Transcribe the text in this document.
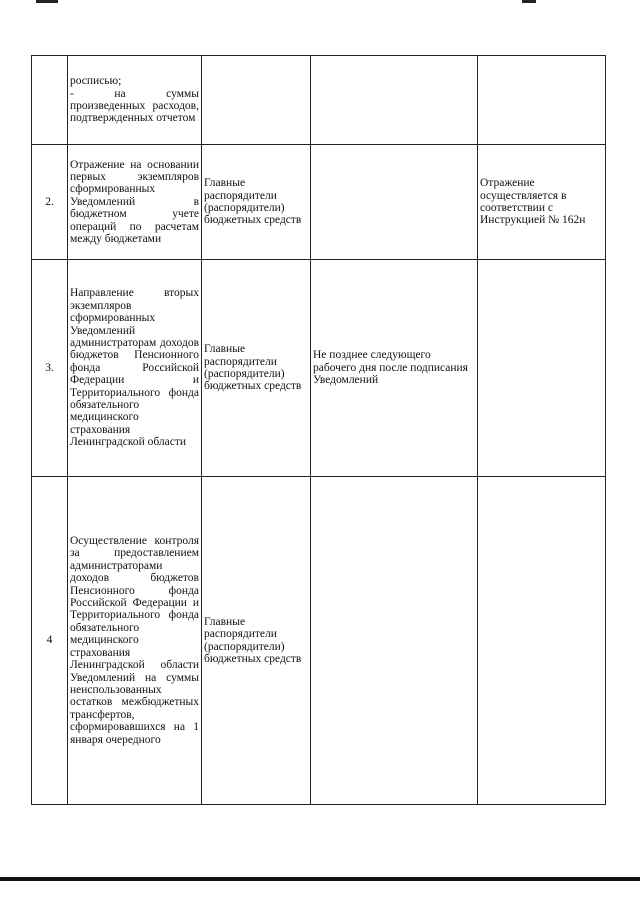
	росписью;
- на суммы произведенных расходов, подтвержденных отчетом			
2.	Отражение на основании первых экземпляров сформированных Уведомлений в бюджетном учете операций по расчетам между бюджетами	Главные распорядители (распорядители) бюджетных средств		Отражение осуществляется в соответствии с Инструкцией № 162н
3.	Направление вторых экземпляров сформированных Уведомлений администраторам доходов бюджетов Пенсионного фонда Российской Федерации и Территориального фонда обязательного медицинского страхования Ленинградской области	Главные распорядители (распорядители) бюджетных средств	Не позднее следующего рабочего дня после подписания Уведомлений	
4	Осуществление контроля за предоставлением администраторами доходов бюджетов Пенсионного фонда Российской Федерации и Территориального фонда обязательного медицинского страхования Ленинградской области Уведомлений на суммы неиспользованных остатков межбюджетных трансфертов, сформировавшихся на 1 января очередного	Главные распорядители (распорядители) бюджетных средств		
